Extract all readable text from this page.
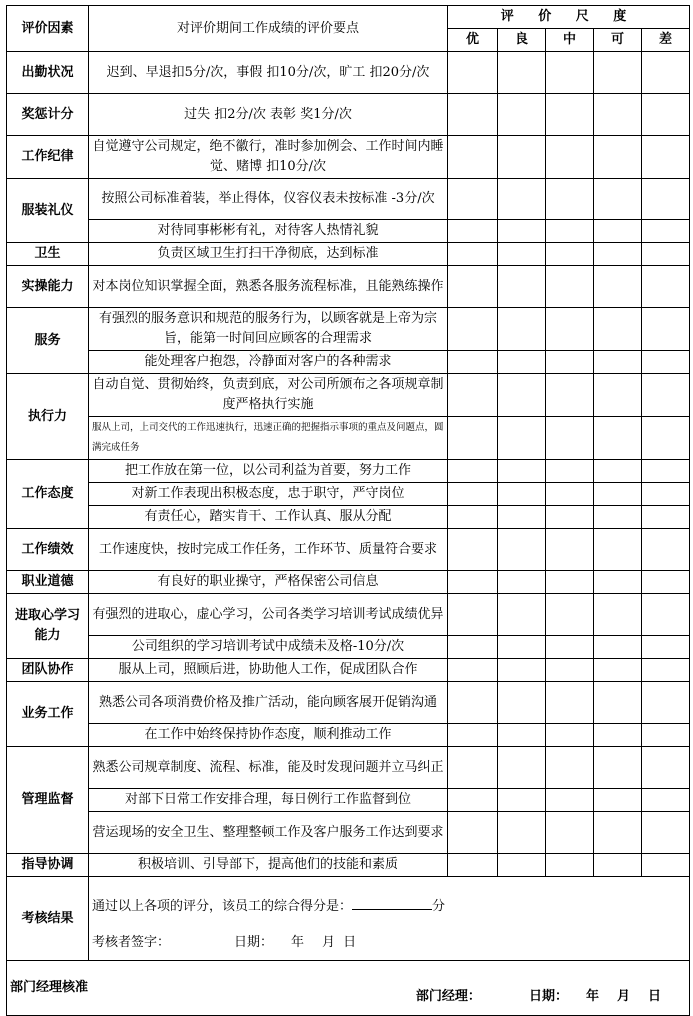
评价因素	对评价期间工作成绩的评价要点	评 价 尺 度				
		优	良	中	可	差
出勤状况	迟到、早退扣5分/次，事假 扣10分/次，旷工 扣20分/次					
奖惩计分	过失 扣2分/次 表彰 奖1分/次					
工作纪律	自觉遵守公司规定，绝不徽行，准时参加例会、工作时间内睡觉、赌博 扣10分/次					
服装礼仪	按照公司标准着装，举止得体，仪容仪表未按标准 -3分/次					
	对待同事彬彬有礼，对待客人热情礼貌					
卫生	负责区域卫生打扫干净彻底，达到标准					
实操能力	对本岗位知识掌握全面，熟悉各服务流程标准，且能熟练操作					
服务	有强烈的服务意识和规范的服务行为，以顾客就是上帝为宗旨，能第一时间回应顾客的合理需求					
	能处理客户抱怨，冷静面对客户的各种需求					
执行力	自动自觉、贯彻始终，负责到底，对公司所颁布之各项规章制度严格执行实施					
	服从上司，上司交代的工作迅速执行，迅速正确的把握指示事项的重点及问题点，圆满完成任务					
工作态度	把工作放在第一位，以公司利益为首要，努力工作					
	对新工作表现出积极态度，忠于职守，严守岗位					
	有责任心，踏实肯干、工作认真、服从分配					
工作绩效	工作速度快，按时完成工作任务，工作环节、质量符合要求					
职业道德	有良好的职业操守，严格保密公司信息					
进取心学习能力	有强烈的进取心，虚心学习，公司各类学习培训考试成绩优异					
	公司组织的学习培训考试中成绩未及格-10分/次					
团队协作	服从上司，照顾后进，协助他人工作，促成团队合作					
业务工作	熟悉公司各项消费价格及推广活动，能向顾客展开促销沟通					
	在工作中始终保持协作态度，顺利推动工作					
管理监督	熟悉公司规章制度、流程、标准，能及时发现问题并立马纠正					
	对部下日常工作安排合理，每日例行工作监督到位					
	营运现场的安全卫生、整理整顿工作及客户服务工作达到要求					
指导协调	积极培训、引导部下，提高他们的技能和素质					
考核结果	通过以上各项的评分，该员工的综合得分是： 分
考核者签字： 日期： 年 月 日					

部门经理核准
部门经理： 日期： 年 月 日						
